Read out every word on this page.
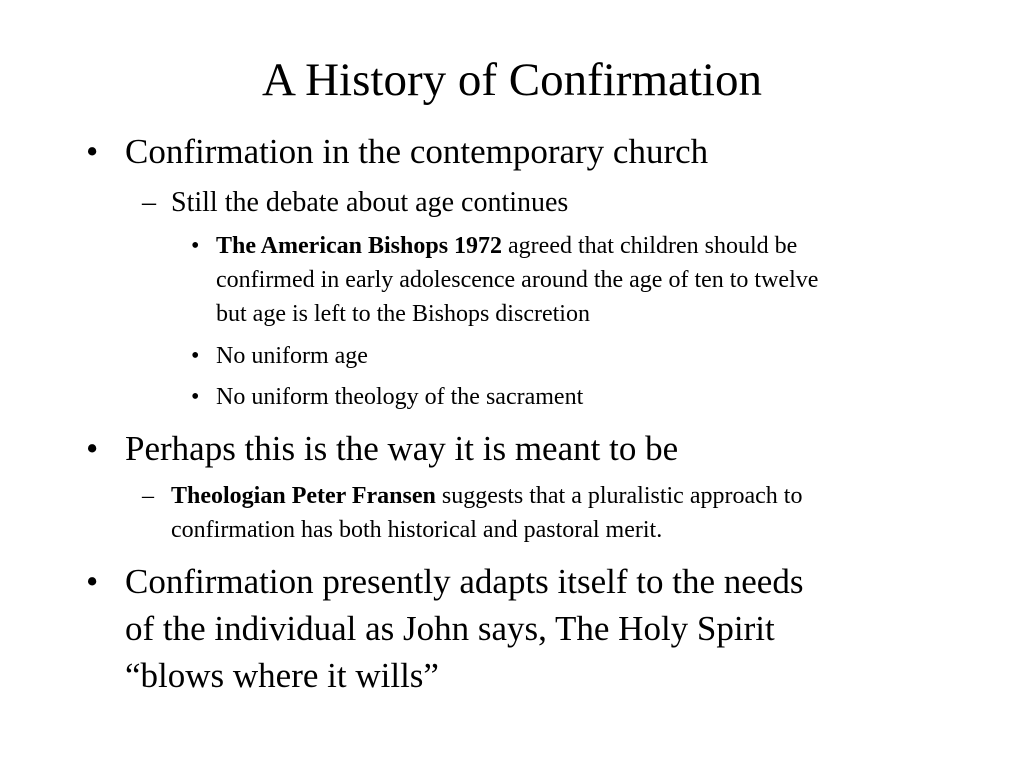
A History of Confirmation
• Confirmation in the contemporary church
– Still the debate about age continues
• The American Bishops 1972 agreed that children should be
confirmed in early adolescence around the age of ten to twelve
but age is left to the Bishops discretion
• No uniform age
• No uniform theology of the sacrament
• Perhaps this is the way it is meant to be
– Theologian Peter Fransen suggests that a pluralistic approach to
confirmation has both historical and pastoral merit.
• Confirmation presently adapts itself to the needs
of the individual as John says, The Holy Spirit
“blows where it wills”
